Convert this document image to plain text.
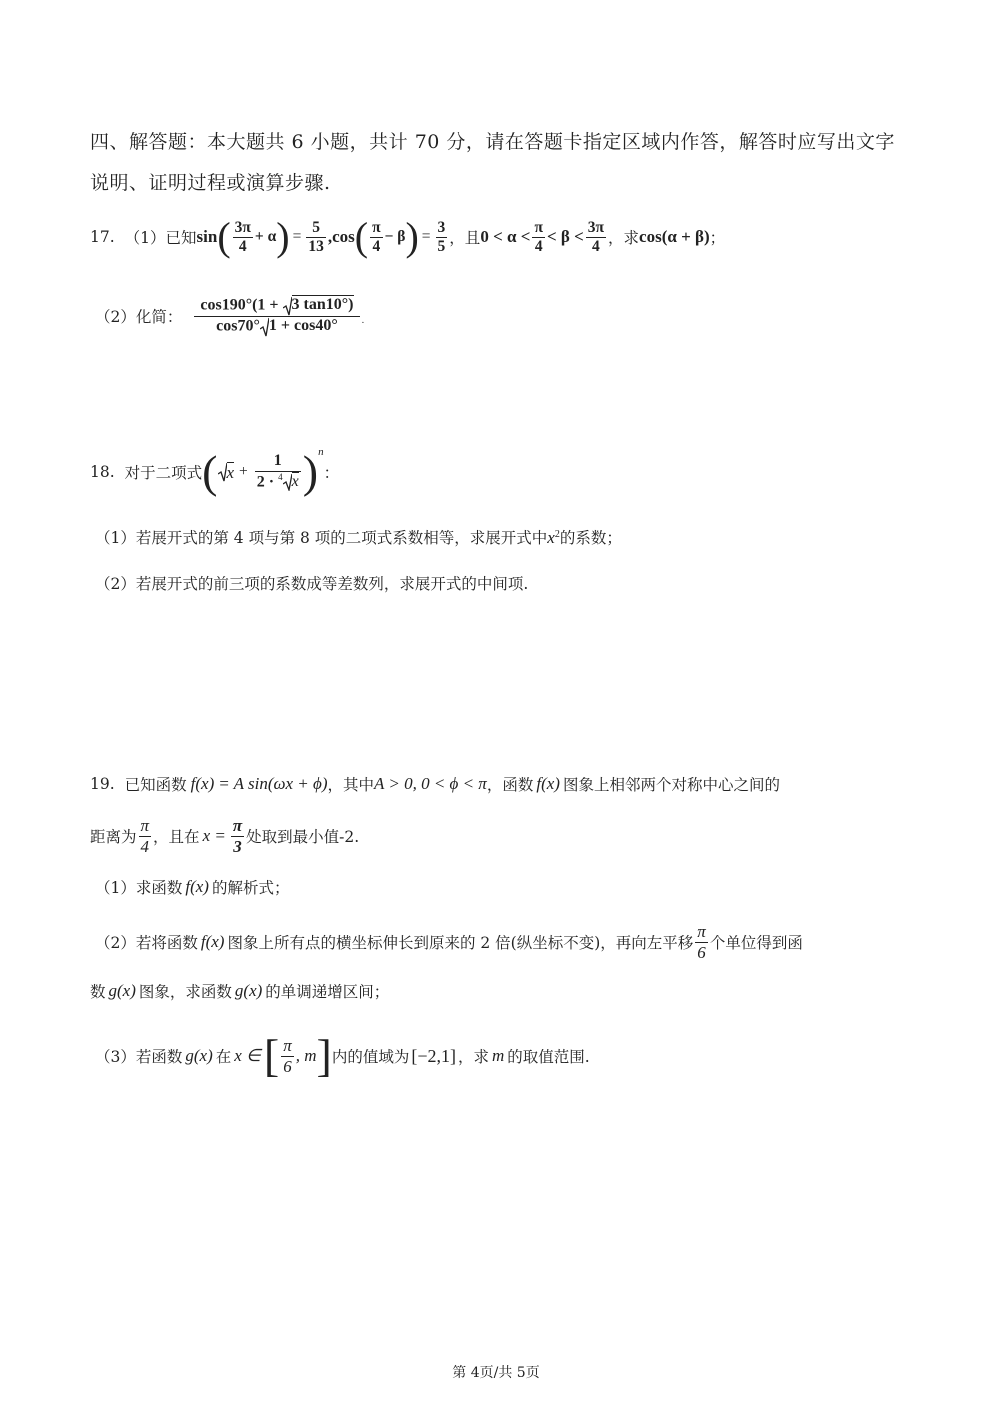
四、解答题：本大题共 6 小题，共计 70 分，请在答题卡指定区域内作答，解答时应写出文字
说明、证明过程或演算步骤.
17. （1）已知 sin ( $\frac{3\pi}{4} + \alpha$ ) = $\frac{5}{13} ,\cos$ ( $\frac{\pi}{4} - \beta$ ) = $\frac{3}{5}$ ，且 $0 < \alpha < \frac{\pi}{4} < \beta < \frac{3\pi}{4}$ ，求 cos(α + β) ；
（2）化简： $\frac{\cos 190^\circ(1 + 3 \tan 10^\circ)}{\cos 70^\circ 1 + \cos 40^\circ}$ .
18. 对于二项式 ( $x + \frac{1}{2 \cdot ^4 x} )^n$
：
（1）若展开式的第 4 项与第 8 项的二项式系数相等，求展开式中$x^2$的系数；
（2）若展开式的前三项的系数成等差数列，求展开式的中间项.
19. 已知函数 f(x) = A sin(ωx + ϕ) ，其中 A > 0, 0 < ϕ < π ，函数 f(x) 图象上相邻两个对称中心之间的
距离为 $\frac{\pi}{4}$ ，且在 $x = \frac{\pi}{3}$ 处取到最小值-2.
（1）求函数 f(x) 的解析式；
（2）若将函数 f(x) 图象上所有点的横坐标伸长到原来的 2 倍(纵坐标不变)，再向左平移 $\frac{\pi}{6}$ 个单位得到函
数 g(x) 图象，求函数 g(x) 的单调递增区间；
（3）若函数 g(x) 在 x ∈ [ $\frac{\pi}{6}$ , m ] 内的值域为 [−2,1] ，求 m 的取值范围.
第 4页/共 5页
